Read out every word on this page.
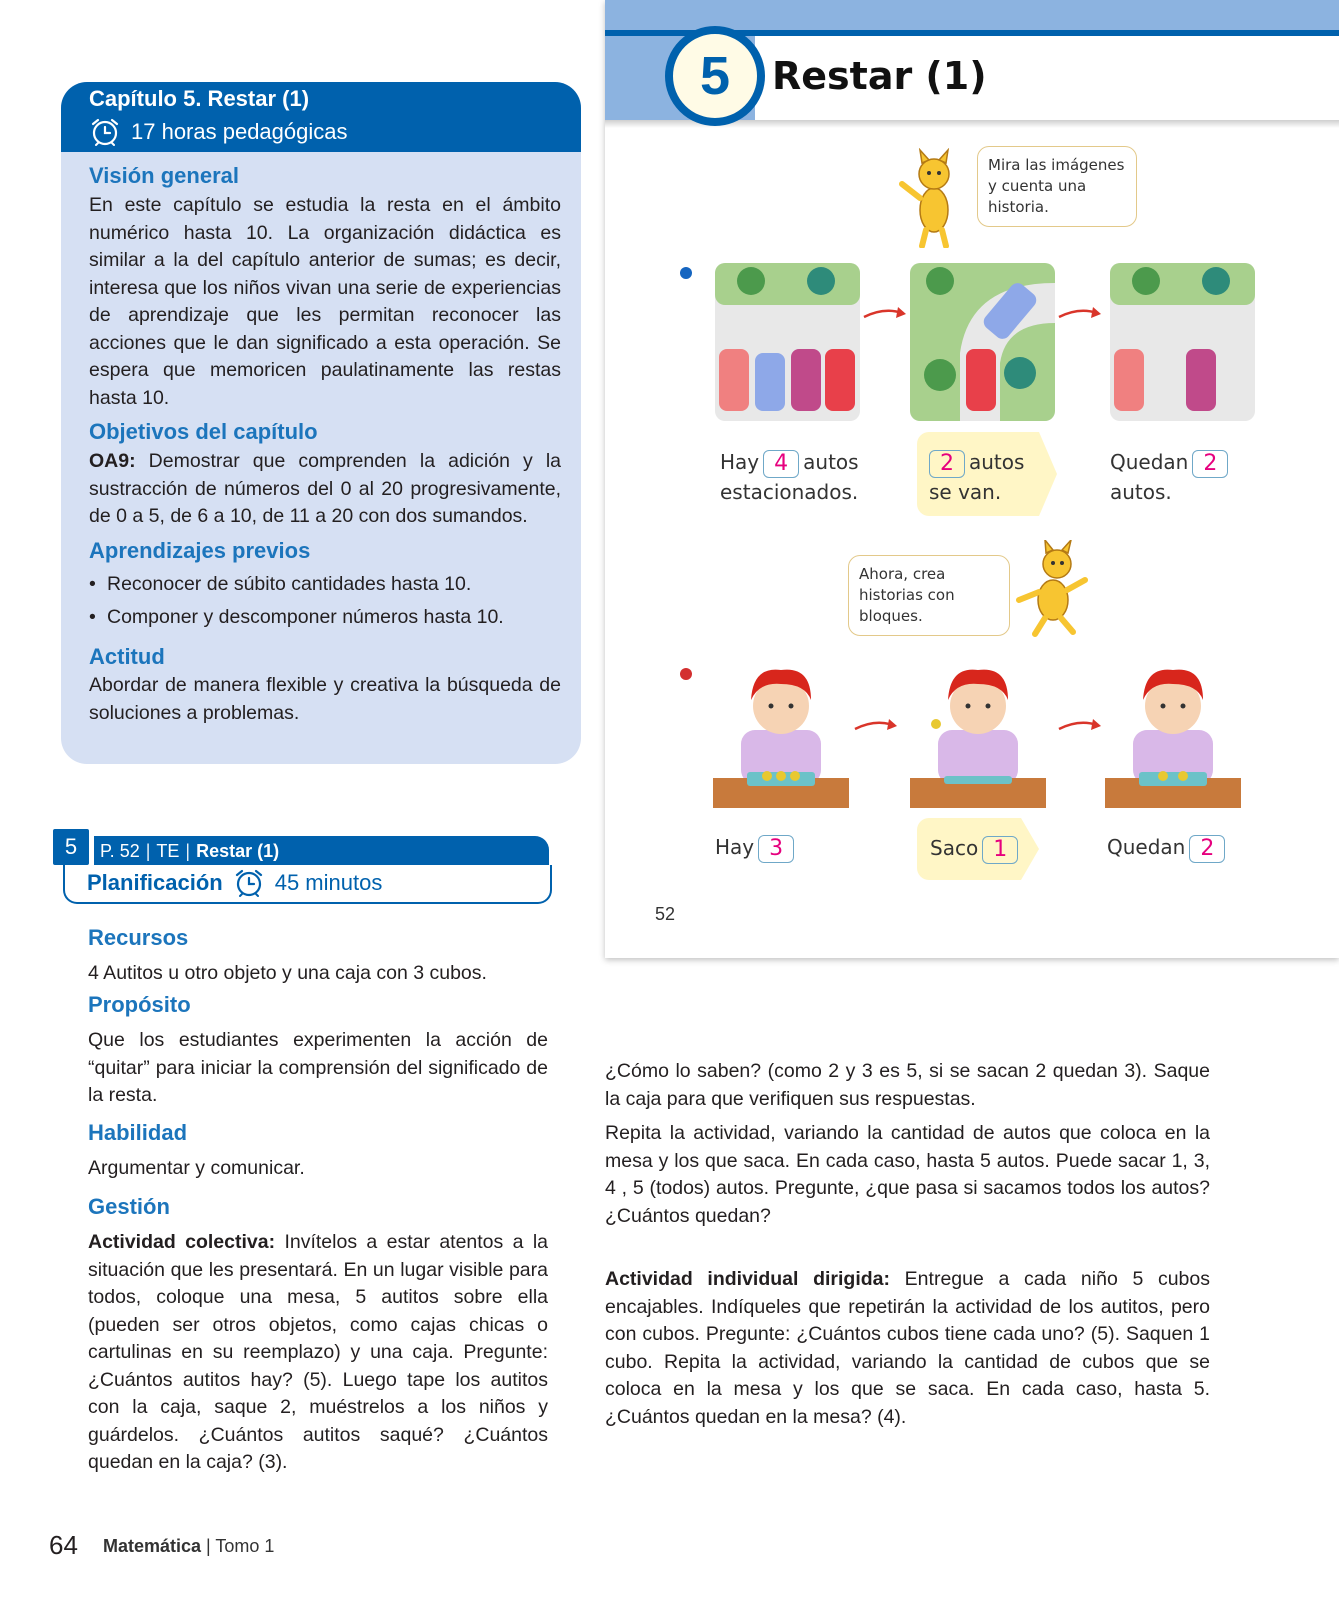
Capítulo 5. Restar (1)
17 horas pedagógicas
Visión general
En este capítulo se estudia la resta en el ámbito numérico hasta 10. La organización didáctica es similar a la del capítulo anterior de sumas; es decir, interesa que los niños vivan una serie de experiencias de aprendizaje que les permitan reconocer las acciones que le dan significado a esta operación. Se espera que memoricen paulatinamente las restas hasta 10.
Objetivos del capítulo
OA9: Demostrar que comprenden la adición y la sustracción de números del 0 al 20 progresivamente, de 0 a 5, de 6 a 10, de 11 a 20 con dos sumandos.
Aprendizajes previos
• Reconocer de súbito cantidades hasta 10.
• Componer y descomponer números hasta 10.
Actitud
Abordar de manera flexible y creativa la búsqueda de soluciones a problemas.
5	P. 52 | TE | Restar (1)
Planificación 45 minutos
Recursos

4 Autitos u otro objeto y una caja con 3 cubos.

Propósito

Que los estudiantes experimenten la acción de “quitar” para iniciar la comprensión del significado de la resta.

Habilidad

Argumentar y comunicar.

Gestión

Actividad colectiva: Invítelos a estar atentos a la situación que les presentará. En un lugar visible para todos, coloque una mesa, 5 autitos sobre ella (pueden ser otros objetos, como cajas chicas o cartulinas en su reemplazo) y una caja. Pregunte: ¿Cuántos autitos hay? (5). Luego tape los autitos con la caja, saque 2, muéstrelos a los niños y guárdelos. ¿Cuántos autitos saqué? ¿Cuántos quedan en la caja? (3).

5	Restar (1)
Mira las imágenes y cuenta una historia.
Hay 4 autos
estacionados.
2 autos
se van.
Quedan 2
autos.
Ahora, crea historias con bloques.
Hay 3	Saco 1	Quedan 2
52

¿Cómo lo saben? (como 2 y 3 es 5, si se sacan 2 quedan 3). Saque la caja para que verifiquen sus respuestas.

Repita la actividad, variando la cantidad de autos que coloca en la mesa y los que saca. En cada caso, hasta 5 autos. Puede sacar 1, 3, 4 , 5 (todos) autos. Pregunte, ¿que pasa si sacamos todos los autos? ¿Cuántos quedan?

Actividad individual dirigida: Entregue a cada niño 5 cubos encajables. Indíqueles que repetirán la actividad de los autitos, pero con cubos. Pregunte: ¿Cuántos cubos tiene cada uno? (5). Saquen 1 cubo. Repita la actividad, variando la cantidad de cubos que se coloca en la mesa y los que se saca. En cada caso, hasta 5. ¿Cuántos quedan en la mesa? (4).

64 Matemática | Tomo 1
